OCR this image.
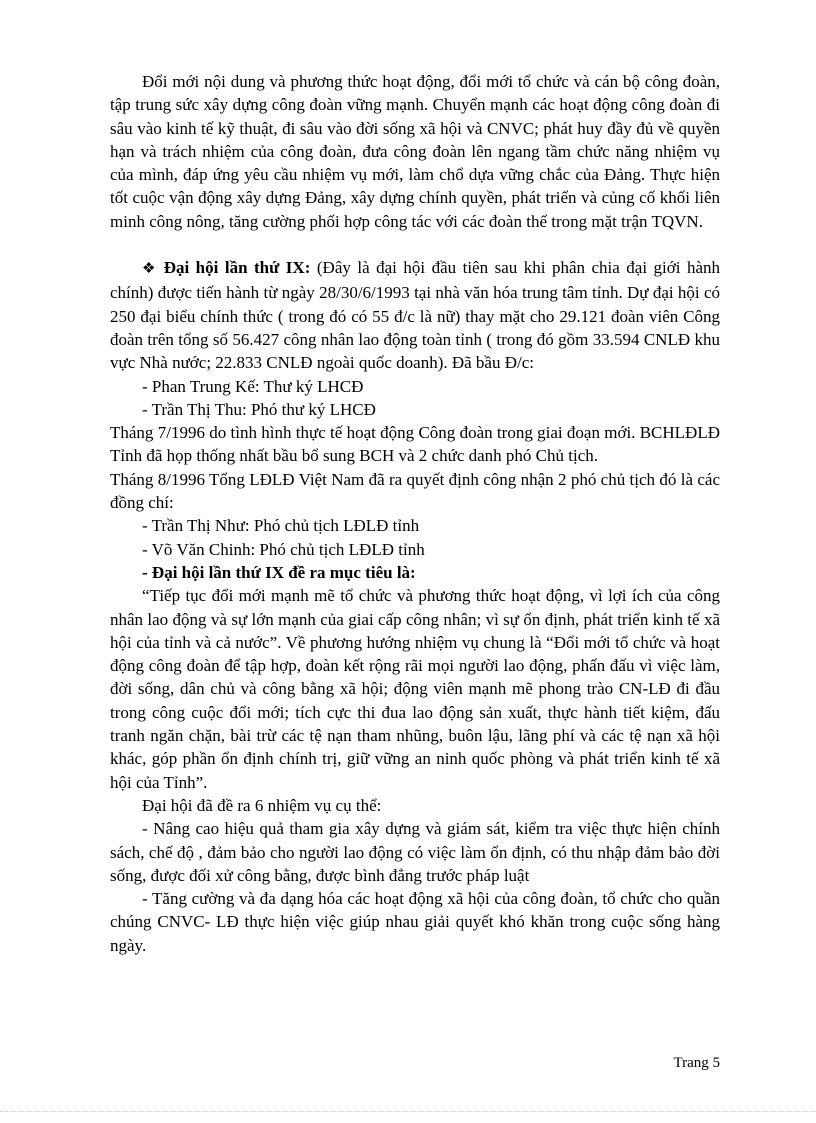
Đổi mới nội dung và phương thức hoạt động, đổi mới tổ chức và cán bộ công đoàn, tập trung sức xây dựng công đoàn vững mạnh. Chuyển mạnh các hoạt động công đoàn đi sâu vào kinh tế kỹ thuật, đi sâu vào đời sống xã hội và CNVC; phát huy đầy đủ về quyền hạn và trách nhiệm của công đoàn, đưa công đoàn lên ngang tầm chức năng nhiệm vụ của mình, đáp ứng yêu cầu nhiệm vụ mới, làm chổ dựa vững chắc của Đảng. Thực hiện tốt cuộc vận động xây dựng Đảng, xây dựng chính quyền, phát triển và củng cố khối liên minh công nông, tăng cường phối hợp công tác với các đoàn thể trong mặt trận TQVN.

❖ Đại hội lần thứ IX: (Đây là đại hội đầu tiên sau khi phân chia đại giới hành chính) được tiến hành từ ngày 28/30/6/1993 tại nhà văn hóa trung tâm tỉnh. Dự đại hội có 250 đại biểu chính thức ( trong đó có 55 đ/c là nữ) thay mặt cho 29.121 đoàn viên Công đoàn trên tổng số 56.427 công nhân lao động toàn tỉnh ( trong đó gồm 33.594 CNLĐ khu vực Nhà nước; 22.833 CNLĐ ngoài quốc doanh). Đã bầu Đ/c:

- Phan Trung Kế: Thư ký LHCĐ

- Trần Thị Thu: Phó thư ký LHCĐ

Tháng 7/1996 do tình hình thực tế hoạt động Công đoàn trong giai đoạn mới. BCHLĐLĐ Tỉnh đã họp thống nhất bầu bổ sung BCH và 2 chức danh phó Chủ tịch.

Tháng 8/1996 Tổng LĐLĐ Việt Nam đã ra quyết định công nhận 2 phó chủ tịch đó là các đồng chí:

- Trần Thị Như: Phó chủ tịch LĐLĐ tỉnh

- Võ Văn Chinh: Phó chủ tịch LĐLĐ tỉnh

- Đại hội lần thứ IX đề ra mục tiêu là:

“Tiếp tục đổi mới mạnh mẽ tổ chức và phương thức hoạt động, vì lợi ích của công nhân lao động và sự lớn mạnh của giai cấp công nhân; vì sự ổn định, phát triển kinh tế xã hội của tỉnh và cả nước”. Về phương hướng nhiệm vụ chung là “Đổi mới tổ chức và hoạt động công đoàn để tập hợp, đoàn kết rộng rãi mọi người lao động, phấn đấu vì việc làm, đời sống, dân chủ và công bằng xã hội; động viên mạnh mẽ phong trào CN-LĐ đi đầu trong công cuộc đổi mới; tích cực thi đua lao động sản xuất, thực hành tiết kiệm, đấu tranh ngăn chặn, bài trừ các tệ nạn tham nhũng, buôn lậu, lãng phí và các tệ nạn xã hội khác, góp phần ổn định chính trị, giữ vững an ninh quốc phòng và phát triển kinh tế xã hội của Tỉnh”.

Đại hội đã đề ra 6 nhiệm vụ cụ thể:

- Nâng cao hiệu quả tham gia xây dựng và giám sát, kiểm tra việc thực hiện chính sách, chế độ , đảm bảo cho người lao động có việc làm ổn định, có thu nhập đảm bảo đời sống, được đối xử công bằng, được bình đẳng trước pháp luật

- Tăng cường và đa dạng hóa các hoạt động xã hội của công đoàn, tổ chức cho quần chúng CNVC- LĐ thực hiện việc giúp nhau giải quyết khó khăn trong cuộc sống hàng ngày.

Trang 5
